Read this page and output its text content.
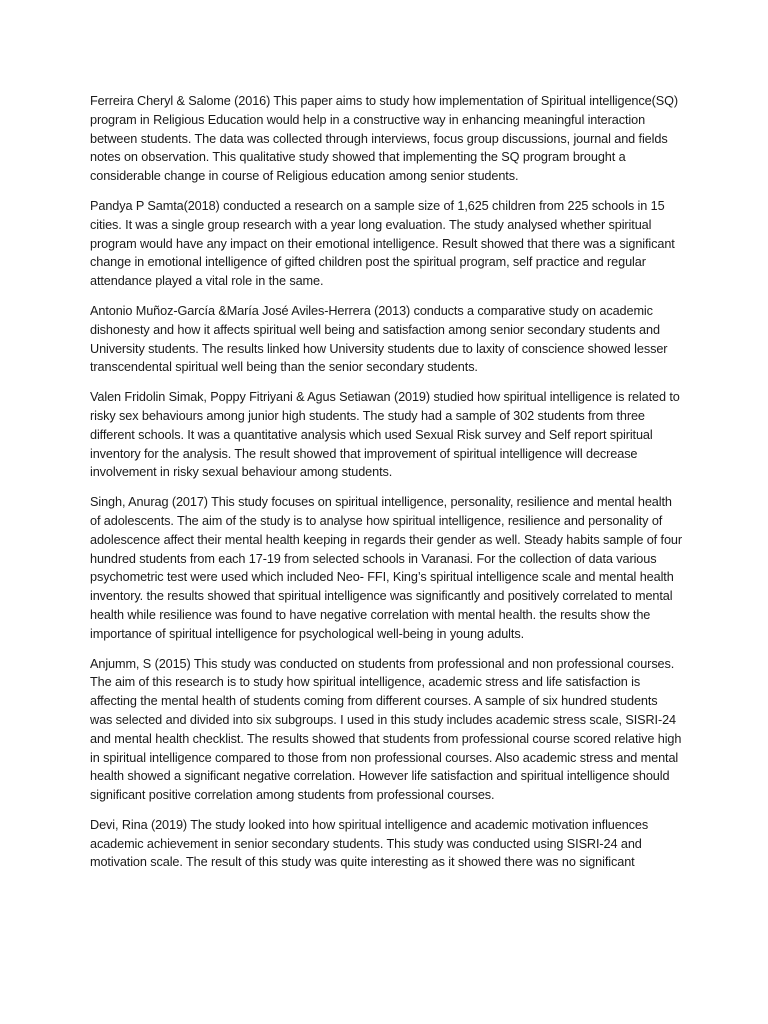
Ferreira Cheryl & Salome (2016) This paper aims to study how implementation of Spiritual intelligence(SQ) program in Religious Education would help in a constructive way in enhancing meaningful interaction between students. The data was collected through interviews, focus group discussions, journal and fields notes on observation. This qualitative study showed that implementing the SQ program brought a considerable change in course of Religious education among senior students.

Pandya P Samta(2018) conducted a research on a sample size of 1,625 children from 225 schools in 15 cities. It was a single group research with a year long evaluation. The study analysed whether spiritual program would have any impact on their emotional intelligence. Result showed that there was a significant change in emotional intelligence of gifted children post the spiritual program, self practice and regular attendance played a vital role in the same.

Antonio Muñoz-García &María José Aviles-Herrera (2013) conducts a comparative study on academic dishonesty and how it affects spiritual well being and satisfaction among senior secondary students and University students. The results linked how University students due to laxity of conscience showed lesser transcendental spiritual well being than the senior secondary students.

Valen Fridolin Simak, Poppy Fitriyani & Agus Setiawan (2019) studied how spiritual intelligence is related to risky sex behaviours among junior high students. The study had a sample of 302 students from three different schools. It was a quantitative analysis which used Sexual Risk survey and Self report spiritual inventory for the analysis. The result showed that improvement of spiritual intelligence will decrease involvement in risky sexual behaviour among students.

Singh, Anurag (2017) This study focuses on spiritual intelligence, personality, resilience and mental health of adolescents. The aim of the study is to analyse how spiritual intelligence, resilience and personality of adolescence affect their mental health keeping in regards their gender as well. Steady habits sample of four hundred students from each 17-19 from selected schools in Varanasi. For the collection of data various psychometric test were used which included Neo- FFI, King’s spiritual intelligence scale and mental health inventory. the results showed that spiritual intelligence was significantly and positively correlated to mental health while resilience was found to have negative correlation with mental health. the results show the importance of spiritual intelligence for psychological well-being in young adults.

Anjumm, S (2015) This study was conducted on students from professional and non professional courses. The aim of this research is to study how spiritual intelligence, academic stress and life satisfaction is affecting the mental health of students coming from different courses. A sample of six hundred students was selected and divided into six subgroups. I used in this study includes academic stress scale, SISRI-24 and mental health checklist. The results showed that students from professional course scored relative high in spiritual intelligence compared to those from non professional courses. Also academic stress and mental health showed a significant negative correlation. However life satisfaction and spiritual intelligence should significant positive correlation among students from professional courses.

Devi, Rina (2019) The study looked into how spiritual intelligence and academic motivation influences academic achievement in senior secondary students. This study was conducted using SISRI-24 and motivation scale. The result of this study was quite interesting as it showed there was no significant
